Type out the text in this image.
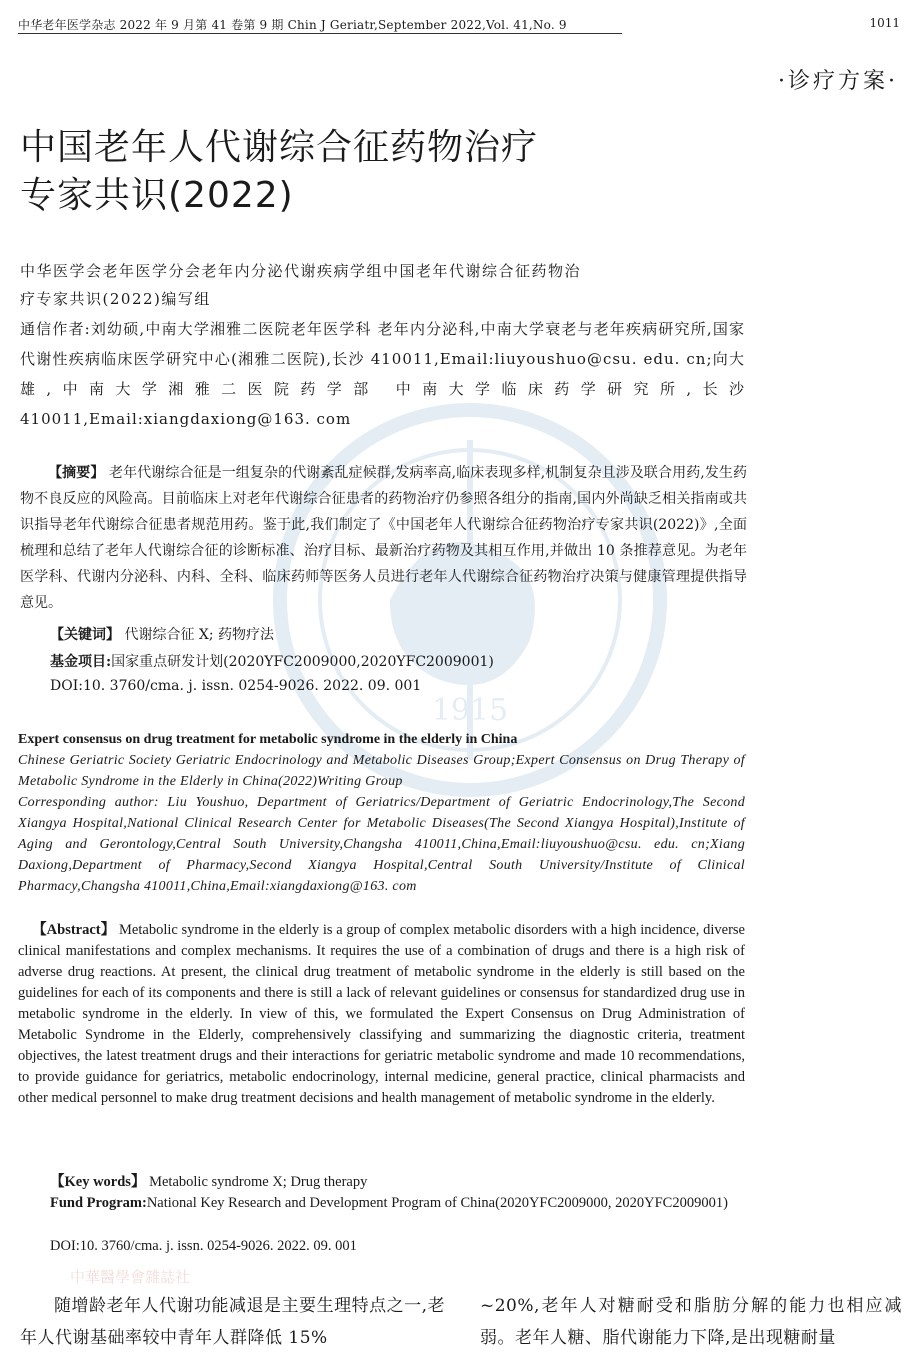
1915
中华老年医学杂志 2022 年 9 月第 41 卷第 9 期 Chin J Geriatr,September 2022,Vol. 41,No. 9	1011
·诊疗方案·
中国老年人代谢综合征药物治疗
专家共识(2022)
中华医学会老年医学分会老年内分泌代谢疾病学组中国老年代谢综合征药物治
疗专家共识(2022)编写组
通信作者:刘幼硕,中南大学湘雅二医院老年医学科 老年内分泌科,中南大学衰老与老年疾病研究所,国家代谢性疾病临床医学研究中心(湘雅二医院),长沙 410011,Email:liuyoushuo@csu. edu. cn;向大雄,中南大学湘雅二医院药学部 中南大学临床药学研究所,长沙 410011,Email:xiangdaxiong@163. com
【摘要】 老年代谢综合征是一组复杂的代谢紊乱症候群,发病率高,临床表现多样,机制复杂且涉及联合用药,发生药物不良反应的风险高。目前临床上对老年代谢综合征患者的药物治疗仍参照各组分的指南,国内外尚缺乏相关指南或共识指导老年代谢综合征患者规范用药。鉴于此,我们制定了《中国老年人代谢综合征药物治疗专家共识(2022)》,全面梳理和总结了老年人代谢综合征的诊断标准、治疗目标、最新治疗药物及其相互作用,并做出 10 条推荐意见。为老年医学科、代谢内分泌科、内科、全科、临床药师等医务人员进行老年人代谢综合征药物治疗决策与健康管理提供指导意见。
【关键词】 代谢综合征 X; 药物疗法
基金项目:国家重点研发计划(2020YFC2009000,2020YFC2009001)
DOI:10. 3760/cma. j. issn. 0254-9026. 2022. 09. 001
Expert consensus on drug treatment for metabolic syndrome in the elderly in China
Chinese Geriatric Society Geriatric Endocrinology and Metabolic Diseases Group;Expert Consensus on Drug Therapy of Metabolic Syndrome in the Elderly in China(2022)Writing Group
Corresponding author: Liu Youshuo, Department of Geriatrics/Department of Geriatric Endocrinology,The Second Xiangya Hospital,National Clinical Research Center for Metabolic Diseases(The Second Xiangya Hospital),Institute of Aging and Gerontology,Central South University,Changsha 410011,China,Email:liuyoushuo@csu. edu. cn;Xiang Daxiong,Department of Pharmacy,Second Xiangya Hospital,Central South University/Institute of Clinical Pharmacy,Changsha 410011,China,Email:xiangdaxiong@163. com
【Abstract】 Metabolic syndrome in the elderly is a group of complex metabolic disorders with a high incidence, diverse clinical manifestations and complex mechanisms. It requires the use of a combination of drugs and there is a high risk of adverse drug reactions. At present, the clinical drug treatment of metabolic syndrome in the elderly is still based on the guidelines for each of its components and there is still a lack of relevant guidelines or consensus for standardized drug use in metabolic syndrome in the elderly. In view of this, we formulated the Expert Consensus on Drug Administration of Metabolic Syndrome in the Elderly, comprehensively classifying and summarizing the diagnostic criteria, treatment objectives, the latest treatment drugs and their interactions for geriatric metabolic syndrome and made 10 recommendations, to provide guidance for geriatrics, metabolic endocrinology, internal medicine, general practice, clinical pharmacists and other medical personnel to make drug treatment decisions and health management of metabolic syndrome in the elderly.
【Key words】 Metabolic syndrome X; Drug therapy
Fund Program:National Key Research and Development Program of China(2020YFC2009000, 2020YFC2009001)
DOI:10. 3760/cma. j. issn. 0254-9026. 2022. 09. 001
中華醫學會雜誌社
随增龄老年人代谢功能减退是主要生理特点之一,老年人代谢基础率较中青年人群降低 15%
~20%,老年人对糖耐受和脂肪分解的能力也相应减弱。老年人糖、脂代谢能力下降,是出现糖耐量
